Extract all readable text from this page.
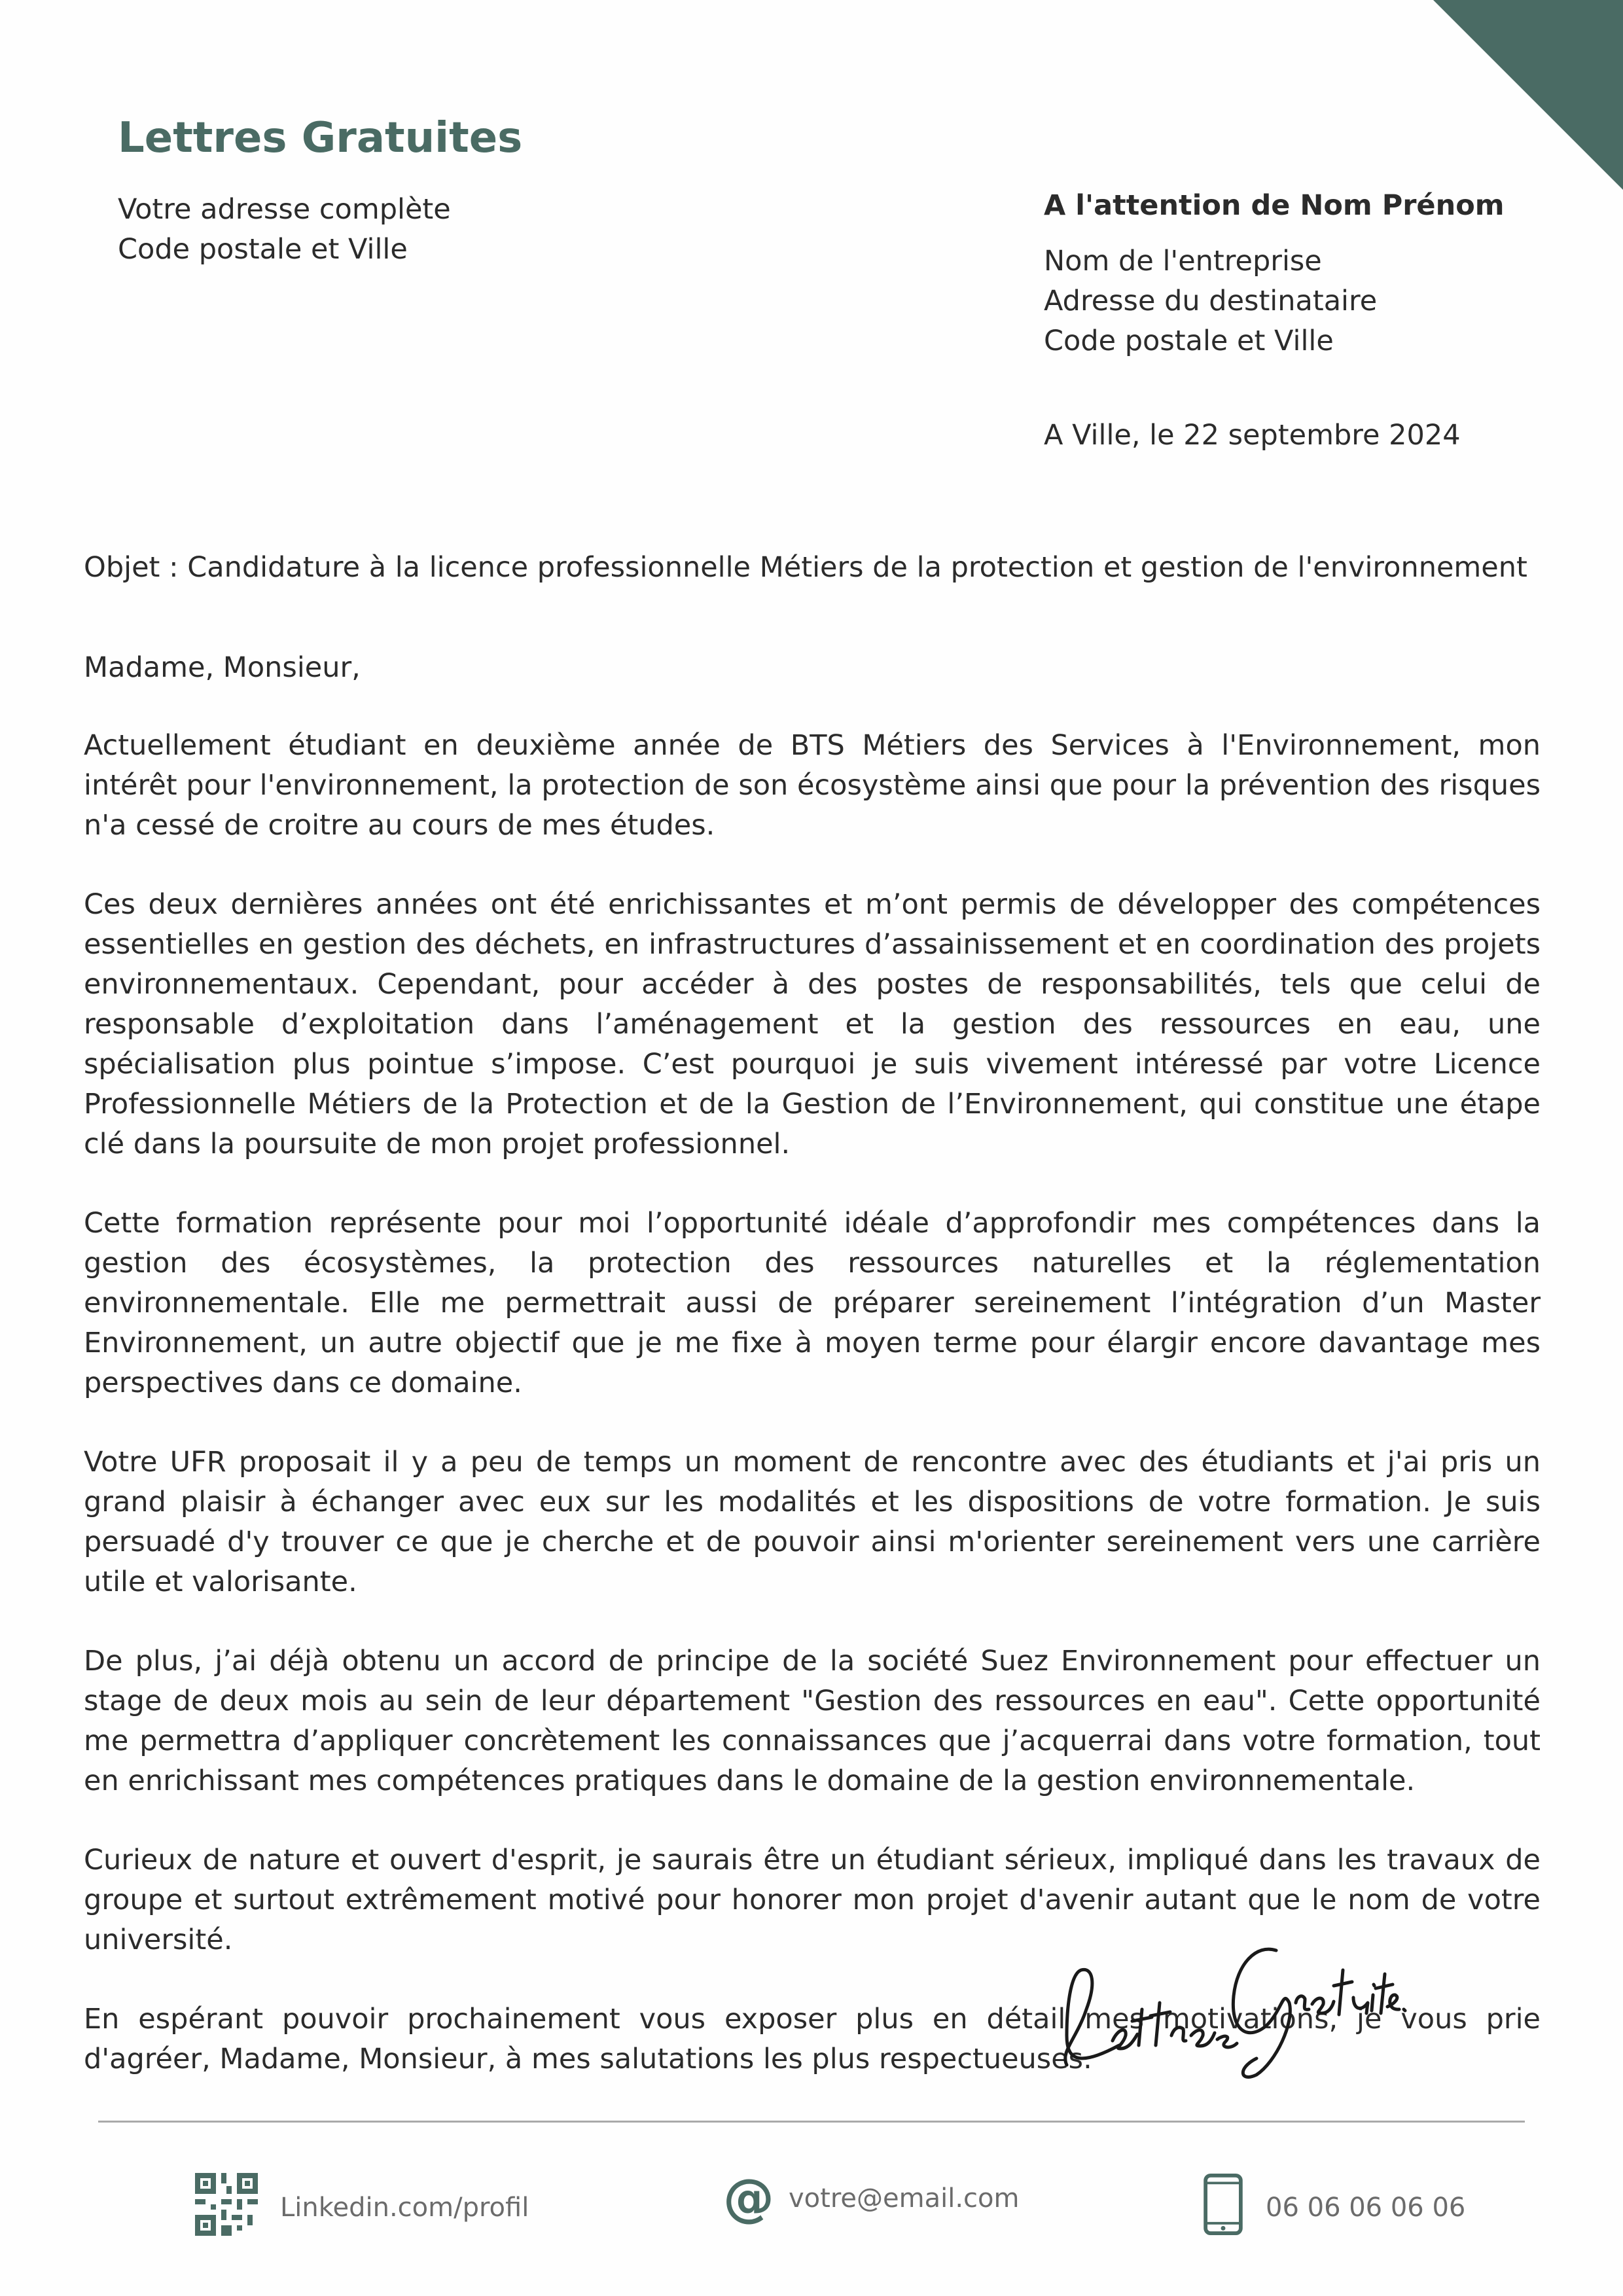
Lettres Gratuites
Votre adresse complète
Code postale et Ville
A l'attention de Nom Prénom
Nom de l'entreprise
Adresse du destinataire
Code postale et Ville
A Ville, le 22 septembre 2024
Objet : Candidature à la licence professionnelle Métiers de la protection et gestion de l'environnement

Madame, Monsieur,

Actuellement étudiant en deuxième année de BTS Métiers des Services à l'Environnement, mon intérêt pour l'environnement, la protection de son écosystème ainsi que pour la prévention des risques n'a cessé de croitre au cours de mes études.

Ces deux dernières années ont été enrichissantes et m’ont permis de développer des compétences essentielles en gestion des déchets, en infrastructures d’assainissement et en coordination des projets environnementaux. Cependant, pour accéder à des postes de responsabilités, tels que celui de responsable d’exploitation dans l’aménagement et la gestion des ressources en eau, une spécialisation plus pointue s’impose. C’est pourquoi je suis vivement intéressé par votre Licence Professionnelle Métiers de la Protection et de la Gestion de l’Environnement, qui constitue une étape clé dans la poursuite de mon projet professionnel.

Cette formation représente pour moi l’opportunité idéale d’approfondir mes compétences dans la gestion des écosystèmes, la protection des ressources naturelles et la réglementation environnementale. Elle me permettrait aussi de préparer sereinement l’intégration d’un Master Environnement, un autre objectif que je me fixe à moyen terme pour élargir encore davantage mes perspectives dans ce domaine.

Votre UFR proposait il y a peu de temps un moment de rencontre avec des étudiants et j'ai pris un grand plaisir à échanger avec eux sur les modalités et les dispositions de votre formation. Je suis persuadé d'y trouver ce que je cherche et de pouvoir ainsi m'orienter sereinement vers une carrière utile et valorisante.

De plus, j’ai déjà obtenu un accord de principe de la société Suez Environnement pour effectuer un stage de deux mois au sein de leur département "Gestion des ressources en eau". Cette opportunité me permettra d’appliquer concrètement les connaissances que j’acquerrai dans votre formation, tout en enrichissant mes compétences pratiques dans le domaine de la gestion environnementale.

Curieux de nature et ouvert d'esprit, je saurais être un étudiant sérieux, impliqué dans les travaux de groupe et surtout extrêmement motivé pour honorer mon projet d'avenir autant que le nom de votre université.

En espérant pouvoir prochainement vous exposer plus en détail mes motivations, je vous prie d'agréer, Madame, Monsieur, à mes salutations les plus respectueuses.

Linkedin.com/profil	@ votre@email.com	06 06 06 06 06
